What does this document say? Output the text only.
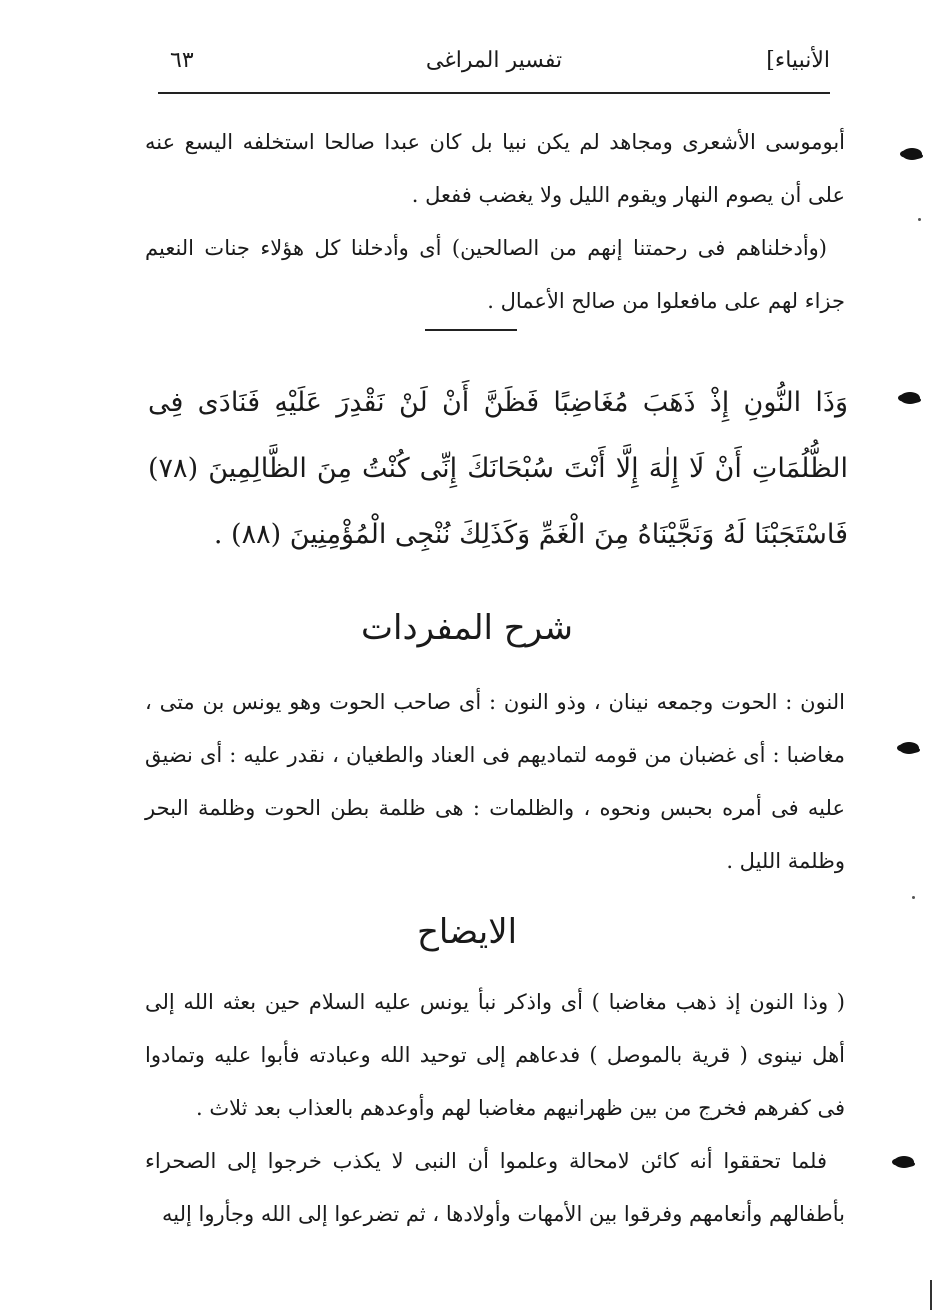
الأنبياء]
تفسير المراغى
٦٣

أبوموسى الأشعرى ومجاهد لم يكن نبيا بل كان عبدا صالحا استخلفه اليسع عنه على أن يصوم النهار ويقوم الليل ولا يغضب ففعل .

(وأدخلناهم فى رحمتنا إنهم من الصالحين) أى وأدخلنا كل هؤلاء جنات النعيم جزاء لهم على مافعلوا من صالح الأعمال .

وَذَا النُّونِ إِذْ ذَهَبَ مُغَاضِبًا فَظَنَّ أَنْ لَنْ نَقْدِرَ عَلَيْهِ فَنَادَى فِى الظُّلُمَاتِ أَنْ لَا إِلٰهَ إِلَّا أَنْتَ سُبْحَانَكَ إِنِّى كُنْتُ مِنَ الظَّالِمِينَ (٧٨) فَاسْتَجَبْنَا لَهُ وَنَجَّيْنَاهُ مِنَ الْغَمِّ وَكَذَلِكَ نُنْجِى الْمُؤْمِنِينَ (٨٨) .
شرح المفردات
النون : الحوت وجمعه نينان ، وذو النون : أى صاحب الحوت وهو يونس بن متى ، مغاضبا : أى غضبان من قومه لتماديهم فى العناد والطغيان ، نقدر عليه : أى نضيق عليه فى أمره بحبس ونحوه ، والظلمات : هى ظلمة بطن الحوت وظلمة البحر وظلمة الليل .
الايضاح

( وذا النون إذ ذهب مغاضبا ) أى واذكر نبأ يونس عليه السلام حين بعثه الله إلى أهل نينوى ( قرية بالموصل ) فدعاهم إلى توحيد الله وعبادته فأبوا عليه وتمادوا فى كفرهم فخرج من بين ظهرانيهم مغاضبا لهم وأوعدهم بالعذاب بعد ثلاث .

فلما تحققوا أنه كائن لامحالة وعلموا أن النبى لا يكذب خرجوا إلى الصحراء بأطفالهم وأنعامهم وفرقوا بين الأمهات وأولادها ، ثم تضرعوا إلى الله وجأروا إليه
